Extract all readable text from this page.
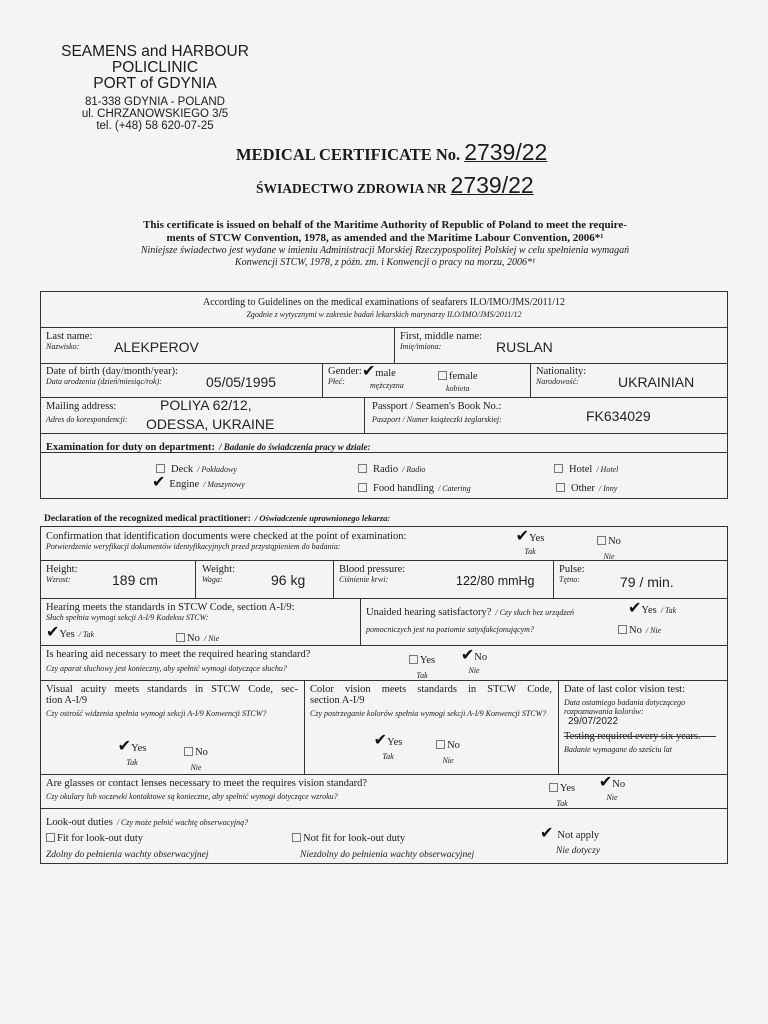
SEAMENS and HARBOUR POLICLINIC
PORT of GDYNIA
81-338 GDYNIA - POLAND
ul. CHRZANOWSKIEGO 3/5
tel. (+48) 58 620-07-25
MEDICAL CERTIFICATE No. 2739/22
ŚWIADECTWO ZDROWIA NR 2739/22
This certificate is issued on behalf of the Maritime Authority of Republic of Poland to meet the require-
ments of STCW Convention, 1978, as amended and the Maritime Labour Convention, 2006*¹
Niniejsze świadectwo jest wydane w imieniu Administracji Morskiej Rzeczypospolitej Polskiej w celu spełnienia wymagań
Konwencji STCW, 1978, z późn. zm. i Konwencji o pracy na morzu, 2006*¹
According to Guidelines on the medical examinations of seafarers ILO/IMO/JMS/2011/12
Zgodnie z wytycznymi w zakresie badań lekarskich marynarzy ILO/IMO/JMS/2011/12
Last name:
Nazwisko:	ALEKPEROV
First, middle name:
Imię/imiona:	RUSLAN
Date of birth (day/month/year):
Data urodzenia (dzień/miesiąc/rok):	05/05/1995
Gender:
Płeć:
✔male
mężczyzna
female
kobieta
Nationality:
Narodowość:	UKRAINIAN
Mailing address:
Adres do korespondencji:
POLIYA 62/12,
ODESSA, UKRAINE
Passport / Seamen's Book No.:
Paszport / Numer książeczki żeglarskiej:	FK634029
Examination for duty on department: / Badanie do świadczenia pracy w dziale:
Deck / Pokładowy
✔ Engine / Maszynowy
Radio / Radio
Food handling / Catering
Hotel / Hotel
Other / Inny
Declaration of the recognized medical practitioner: / Oświadczenie uprawnionego lekarza:
Confirmation that identification documents were checked at the point of examination:
Potwierdzenie weryfikacji dokumentów identyfikacyjnych przed przystąpieniem do badania:
✔Yes
Tak
No
Nie
Height:
Wzrost:	189 cm
Weight:
Waga:	96 kg
Blood pressure:
Ciśnienie krwi:	122/80 mmHg
Pulse:
Tętno:	79 / min.
Hearing meets the standards in STCW Code, section A-I/9:
Słuch spełnia wymogi sekcji A-I/9 Kodeksu STCW:
✔Yes / Tak	No / Nie
Unaided hearing satisfactory? / Czy słuch bez urządzeń
pomocniczych jest na poziomie satysfakcjonującym?
✔Yes / Tak
No / Nie
Is hearing aid necessary to meet the required hearing standard?
Czy aparat słuchowy jest konieczny, aby spełnić wymogi dotyczące słuchu?
Yes
Tak
✔No
Nie
Visual acuity meets standards in STCW Code, sec-
tion A-I/9
Czy ostrość widzenia spełnia wymogi sekcji A-I/9 Konwencji STCW?
✔Yes
Tak
No
Nie
Color vision meets standards in STCW Code,
section A-I/9
Czy postrzeganie kolorów spełnia wymogi sekcji A-I/9 Konwencji STCW?
✔Yes
Tak
No
Nie
Date of last color vision test:
Data ostatniego badania dotyczącego rozpoznawania kolorów:
29/07/2022
Testing required every six years.
Badanie wymagane do sześciu lat
Are glasses or contact lenses necessary to meet the requires vision standard?
Czy okulary lub soczewki kontaktowe są konieczne, aby spełnić wymogi dotyczące wzroku?
Yes
Tak
✔No
Nie
Look-out duties / Czy może pełnić wachtę obserwacyjną?
Fit for look-out duty
Zdolny do pełnienia wachty obserwacyjnej
Not fit for look-out duty
Niezdolny do pełnienia wachty obserwacyjnej
✔ Not apply
Nie dotyczy
